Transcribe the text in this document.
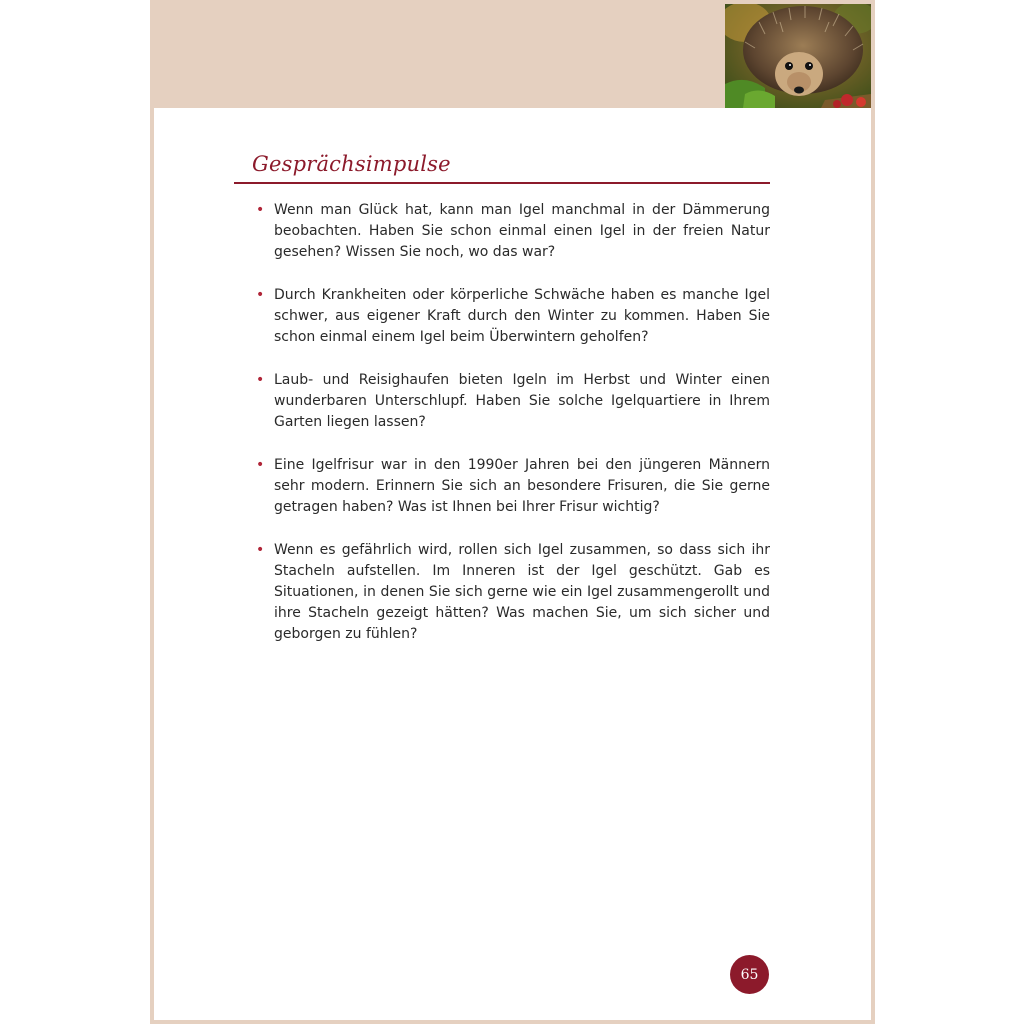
Gesprächsimpulse
• Wenn man Glück hat, kann man Igel manchmal in der Dämmerung beobachten. Haben Sie schon einmal einen Igel in der freien Natur gesehen? Wissen Sie noch, wo das war?
• Durch Krankheiten oder körperliche Schwäche haben es manche Igel schwer, aus eigener Kraft durch den Winter zu kommen. Haben Sie schon einmal einem Igel beim Überwintern geholfen?
• Laub- und Reisighaufen bieten Igeln im Herbst und Winter einen wunderbaren Unterschlupf. Haben Sie solche Igelquartiere in Ihrem Garten liegen lassen?
• Eine Igelfrisur war in den 1990er Jahren bei den jüngeren Männern sehr modern. Erinnern Sie sich an besondere Frisuren, die Sie gerne getragen haben? Was ist Ihnen bei Ihrer Frisur wichtig?
• Wenn es gefährlich wird, rollen sich Igel zusammen, so dass sich ihr Stacheln aufstellen. Im Inneren ist der Igel geschützt. Gab es Situationen, in denen Sie sich gerne wie ein Igel zusammengerollt und ihre Stacheln gezeigt hätten? Was machen Sie, um sich sicher und geborgen zu fühlen?
65
